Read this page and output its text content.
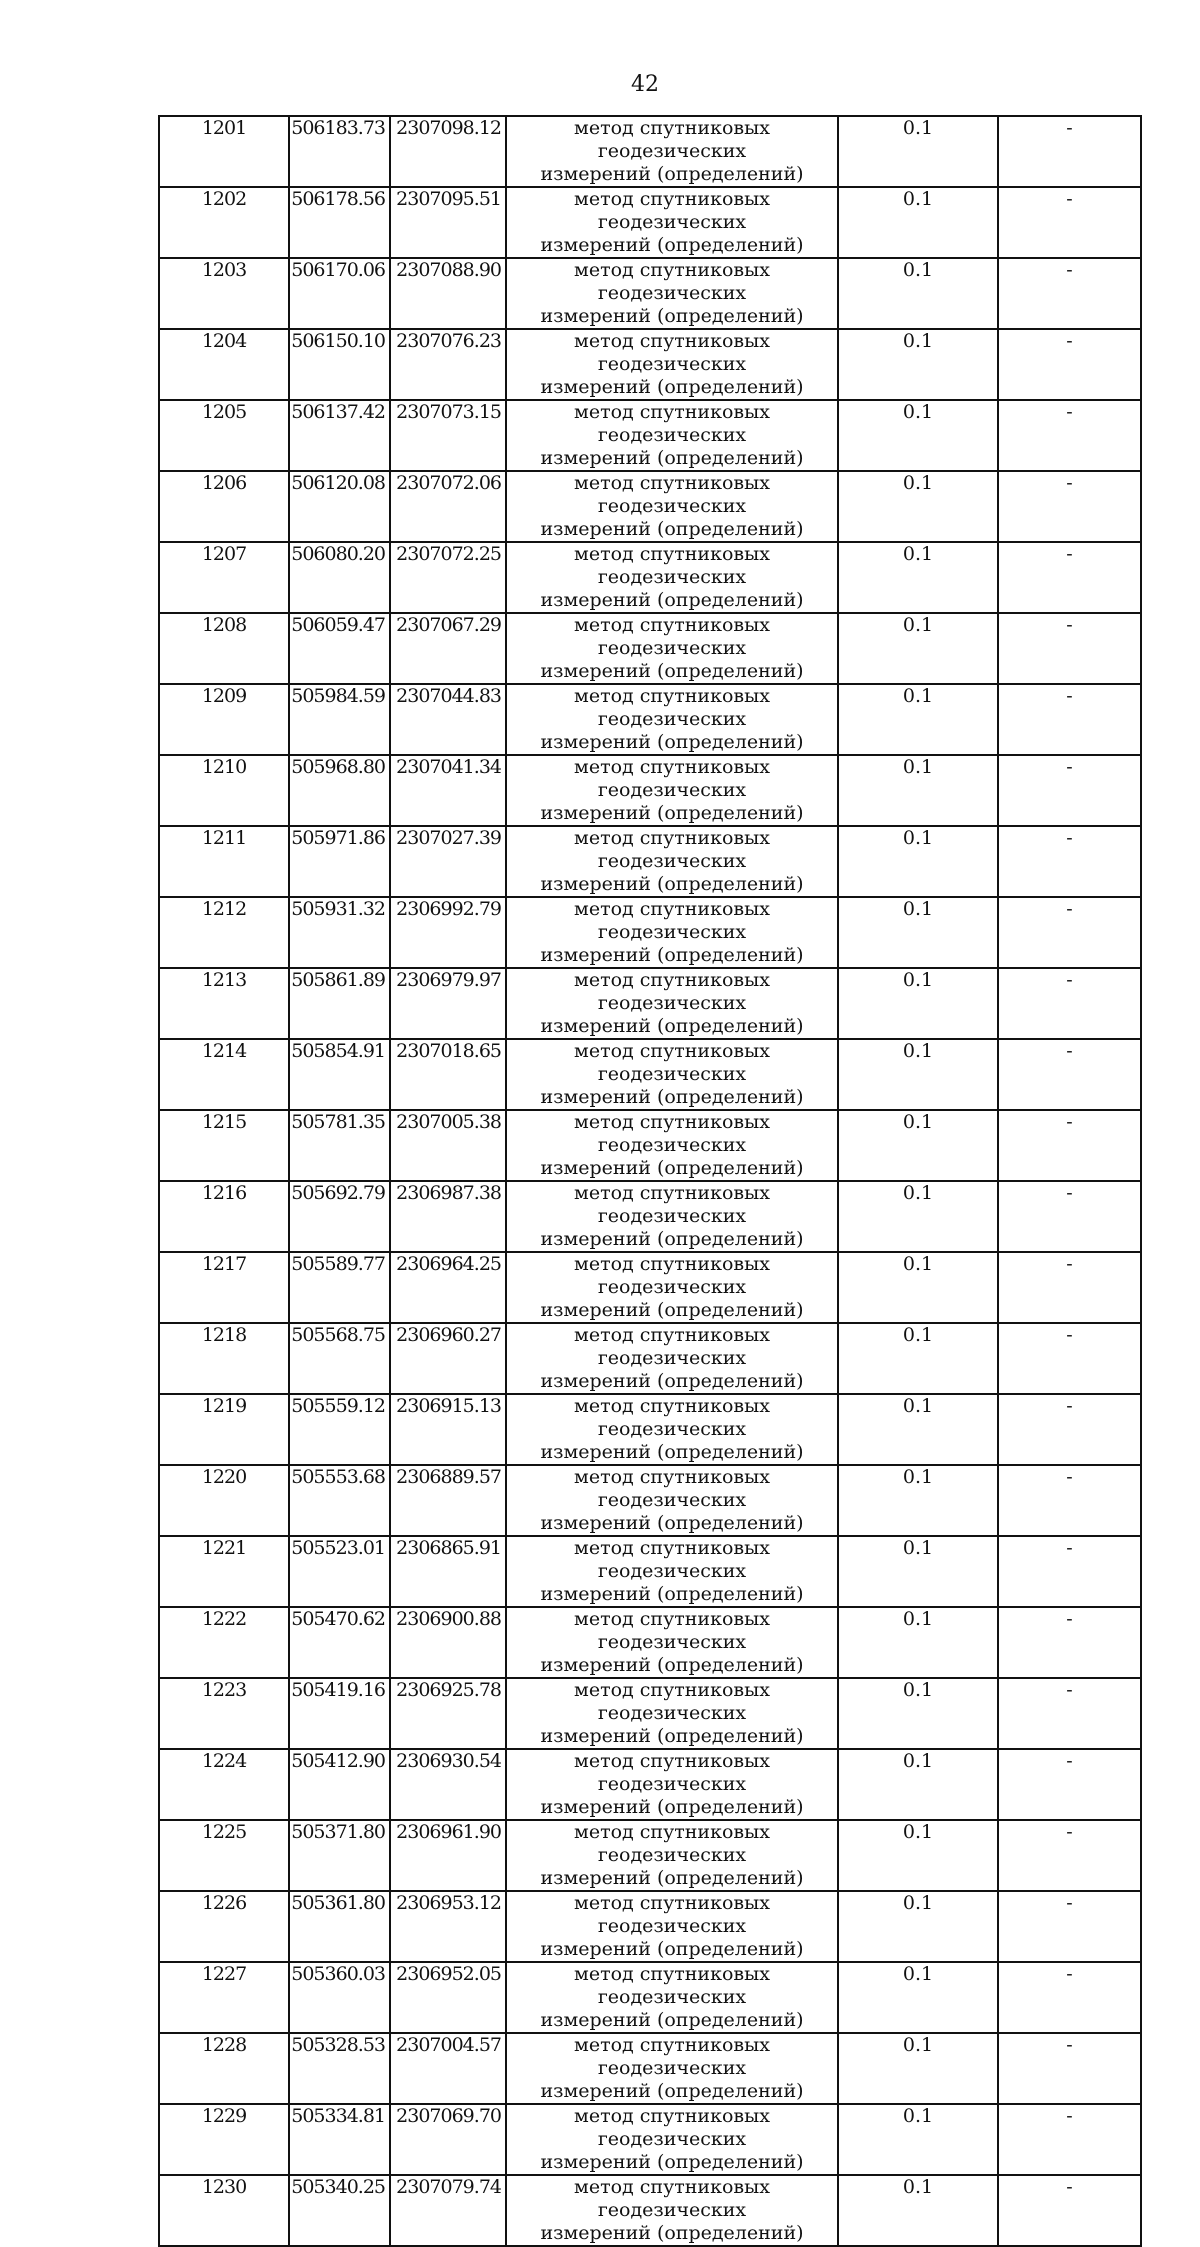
42
1201	506183.73	2307098.12	метод спутниковых геодезических
измерений (определений)	0.1	-
1202	506178.56	2307095.51	метод спутниковых геодезических
измерений (определений)	0.1	-
1203	506170.06	2307088.90	метод спутниковых геодезических
измерений (определений)	0.1	-
1204	506150.10	2307076.23	метод спутниковых геодезических
измерений (определений)	0.1	-
1205	506137.42	2307073.15	метод спутниковых геодезических
измерений (определений)	0.1	-
1206	506120.08	2307072.06	метод спутниковых геодезических
измерений (определений)	0.1	-
1207	506080.20	2307072.25	метод спутниковых геодезических
измерений (определений)	0.1	-
1208	506059.47	2307067.29	метод спутниковых геодезических
измерений (определений)	0.1	-
1209	505984.59	2307044.83	метод спутниковых геодезических
измерений (определений)	0.1	-
1210	505968.80	2307041.34	метод спутниковых геодезических
измерений (определений)	0.1	-
1211	505971.86	2307027.39	метод спутниковых геодезических
измерений (определений)	0.1	-
1212	505931.32	2306992.79	метод спутниковых геодезических
измерений (определений)	0.1	-
1213	505861.89	2306979.97	метод спутниковых геодезических
измерений (определений)	0.1	-
1214	505854.91	2307018.65	метод спутниковых геодезических
измерений (определений)	0.1	-
1215	505781.35	2307005.38	метод спутниковых геодезических
измерений (определений)	0.1	-
1216	505692.79	2306987.38	метод спутниковых геодезических
измерений (определений)	0.1	-
1217	505589.77	2306964.25	метод спутниковых геодезических
измерений (определений)	0.1	-
1218	505568.75	2306960.27	метод спутниковых геодезических
измерений (определений)	0.1	-
1219	505559.12	2306915.13	метод спутниковых геодезических
измерений (определений)	0.1	-
1220	505553.68	2306889.57	метод спутниковых геодезических
измерений (определений)	0.1	-
1221	505523.01	2306865.91	метод спутниковых геодезических
измерений (определений)	0.1	-
1222	505470.62	2306900.88	метод спутниковых геодезических
измерений (определений)	0.1	-
1223	505419.16	2306925.78	метод спутниковых геодезических
измерений (определений)	0.1	-
1224	505412.90	2306930.54	метод спутниковых геодезических
измерений (определений)	0.1	-
1225	505371.80	2306961.90	метод спутниковых геодезических
измерений (определений)	0.1	-
1226	505361.80	2306953.12	метод спутниковых геодезических
измерений (определений)	0.1	-
1227	505360.03	2306952.05	метод спутниковых геодезических
измерений (определений)	0.1	-
1228	505328.53	2307004.57	метод спутниковых геодезических
измерений (определений)	0.1	-
1229	505334.81	2307069.70	метод спутниковых геодезических
измерений (определений)	0.1	-
1230	505340.25	2307079.74	метод спутниковых геодезических
измерений (определений)	0.1	-
